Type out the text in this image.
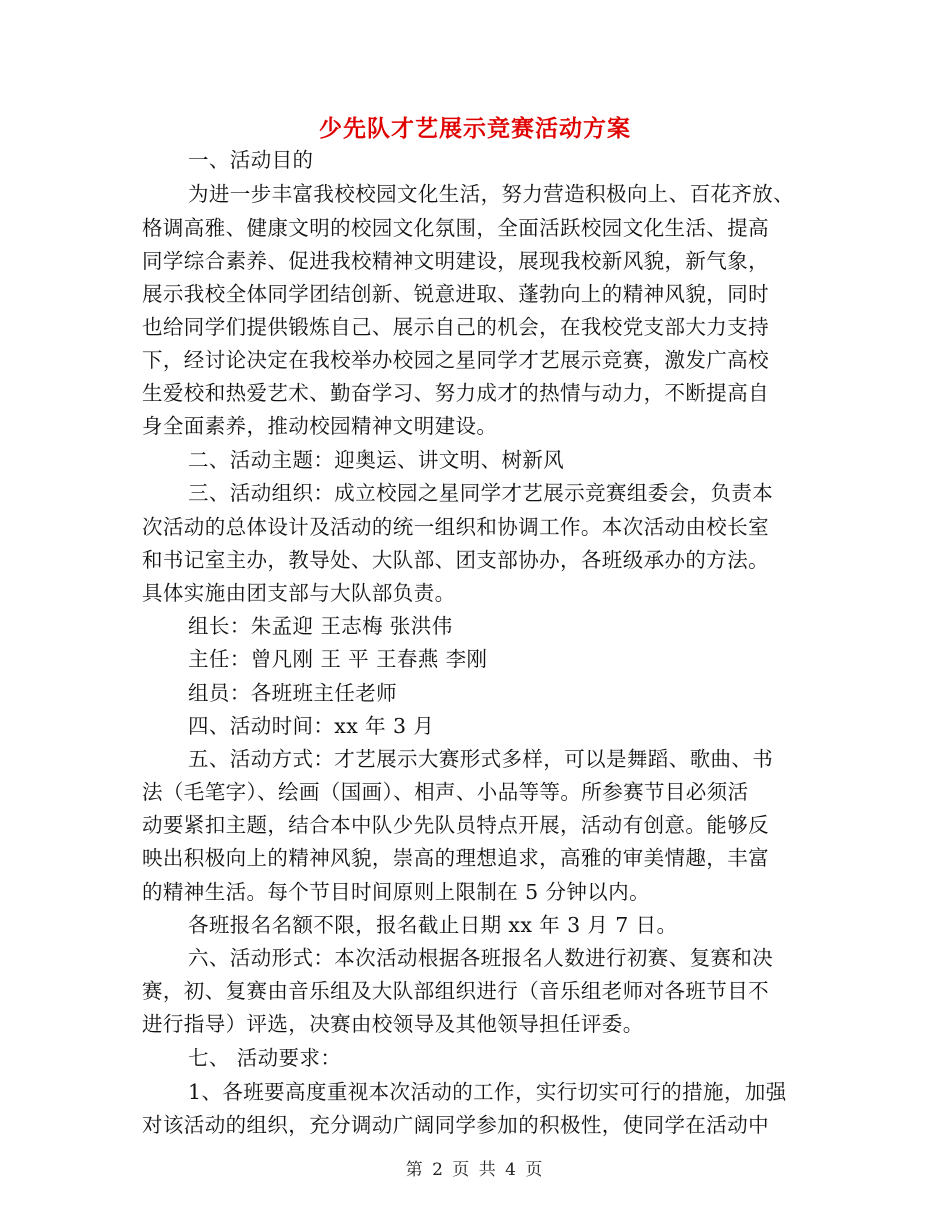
少先队才艺展示竞赛活动方案
一、活动目的
为进一步丰富我校校园文化生活，努力营造积极向上、百花齐放、
格调高雅、健康文明的校园文化氛围，全面活跃校园文化生活、提高
同学综合素养、促进我校精神文明建设，展现我校新风貌，新气象，
展示我校全体同学团结创新、锐意进取、蓬勃向上的精神风貌，同时
也给同学们提供锻炼自己、展示自己的机会，在我校党支部大力支持
下，经讨论决定在我校举办校园之星同学才艺展示竞赛，激发广高校
生爱校和热爱艺术、勤奋学习、努力成才的热情与动力，不断提高自
身全面素养，推动校园精神文明建设。
二、活动主题：迎奥运、讲文明、树新风
三、活动组织：成立校园之星同学才艺展示竞赛组委会，负责本
次活动的总体设计及活动的统一组织和协调工作。本次活动由校长室
和书记室主办，教导处、大队部、团支部协办，各班级承办的方法。
具体实施由团支部与大队部负责。
组长：朱孟迎 王志梅 张洪伟
主任：曾凡刚 王 平 王春燕 李刚
组员：各班班主任老师
四、活动时间：xx 年 3 月
五、活动方式：才艺展示大赛形式多样，可以是舞蹈、歌曲、书
法（毛笔字）、绘画（国画）、相声、小品等等。所参赛节目必须活
动要紧扣主题，结合本中队少先队员特点开展，活动有创意。能够反
映出积极向上的精神风貌，崇高的理想追求，高雅的审美情趣，丰富
的精神生活。每个节目时间原则上限制在 5 分钟以内。
各班报名名额不限，报名截止日期 xx 年 3 月 7 日。
六、活动形式：本次活动根据各班报名人数进行初赛、复赛和决
赛，初、复赛由音乐组及大队部组织进行（音乐组老师对各班节目不
进行指导）评选，决赛由校领导及其他领导担任评委。
七、 活动要求：
1、各班要高度重视本次活动的工作，实行切实可行的措施，加强
对该活动的组织，充分调动广阔同学参加的积极性，使同学在活动中
第 2 页 共 4 页
